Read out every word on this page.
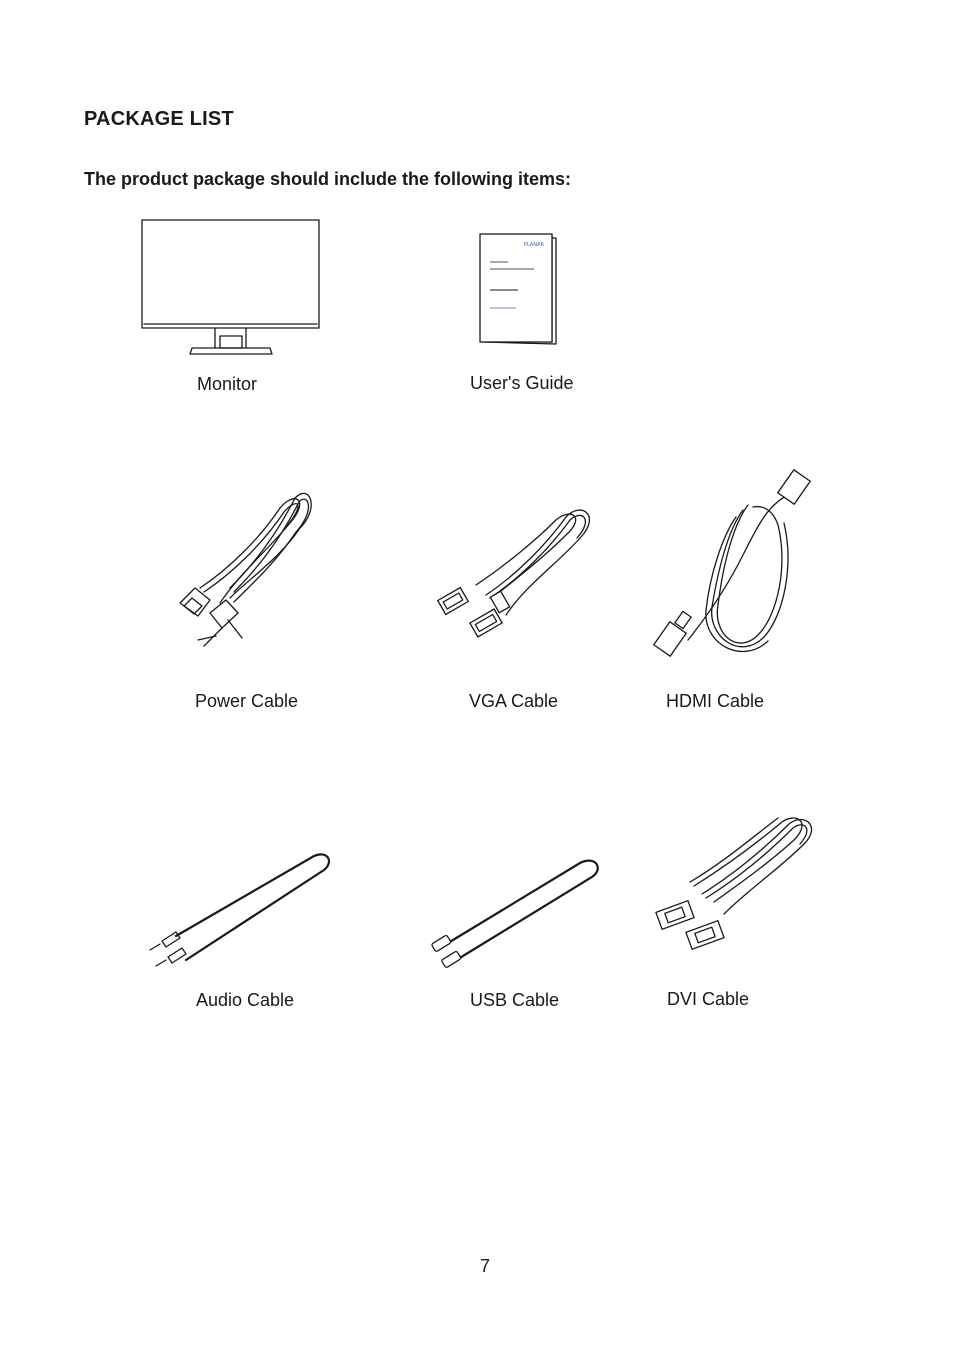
PACKAGE LIST
The product package should include the following items:
Monitor
PLANAR
User's Guide
Power Cable	VGA Cable	HDMI Cable
Audio Cable	USB Cable	DVI Cable
7
